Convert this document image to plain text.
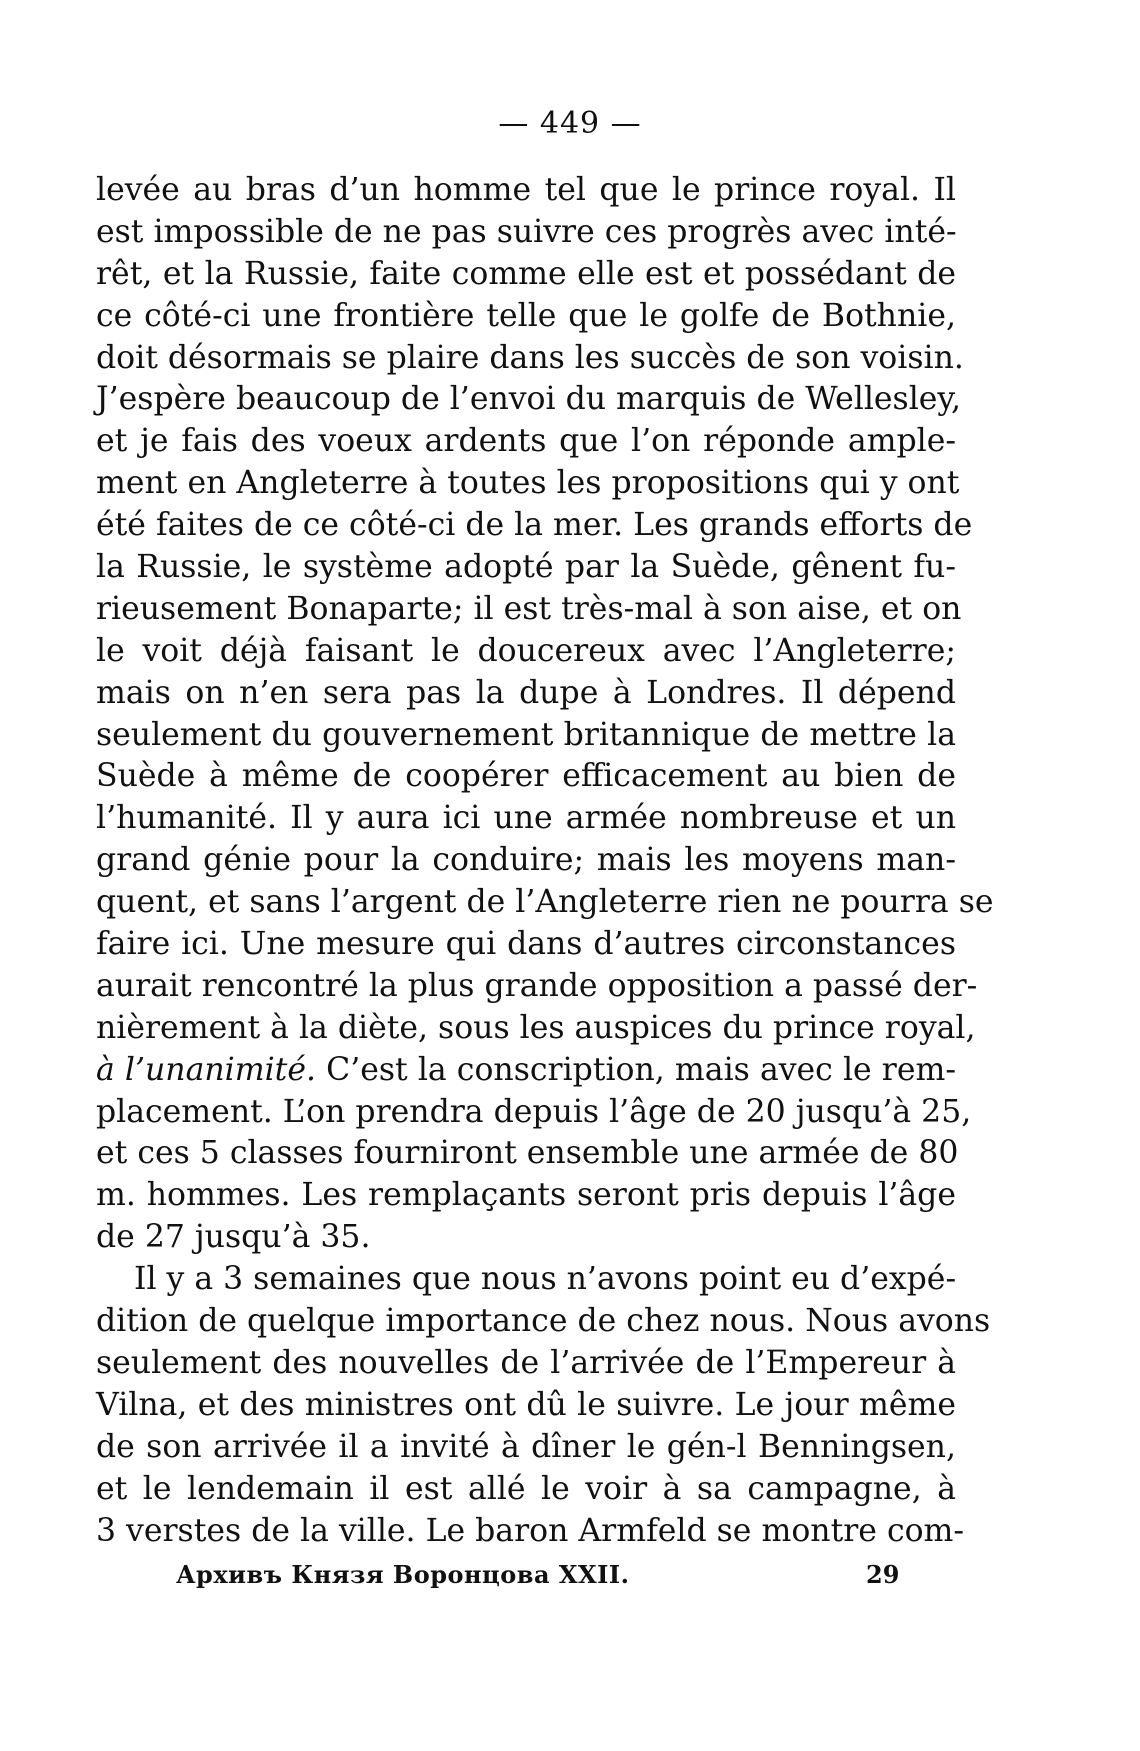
— 449 —
levée au bras d’un homme tel que le prince royal. Il
est impossible de ne pas suivre ces progrès avec inté-
rêt, et la Russie, faite comme elle est et possédant de
ce côté-ci une frontière telle que le golfe de Bothnie,
doit désormais se plaire dans les succès de son voisin.
J’espère beaucoup de l’envoi du marquis de Wellesley,
et je fais des voeux ardents que l’on réponde ample-
ment en Angleterre à toutes les propositions qui y ont
été faites de ce côté-ci de la mer. Les grands efforts de
la Russie, le système adopté par la Suède, gênent fu-
rieusement Bonaparte; il est très-mal à son aise, et on
le voit déjà faisant le doucereux avec l’Angleterre;
mais on n’en sera pas la dupe à Londres. Il dépend
seulement du gouvernement britannique de mettre la
Suède à même de coopérer efficacement au bien de
l’humanité. Il y aura ici une armée nombreuse et un
grand génie pour la conduire; mais les moyens man-
quent, et sans l’argent de l’Angleterre rien ne pourra se
faire ici. Une mesure qui dans d’autres circonstances
aurait rencontré la plus grande opposition a passé der-
nièrement à la diète, sous les auspices du prince royal,
à l’unanimité. C’est la conscription, mais avec le rem-
placement. L’on prendra depuis l’âge de 20 jusqu’à 25,
et ces 5 classes fourniront ensemble une armée de 80
m. hommes. Les remplaçants seront pris depuis l’âge
de 27 jusqu’à 35.
Il y a 3 semaines que nous n’avons point eu d’expé-
dition de quelque importance de chez nous. Nous avons
seulement des nouvelles de l’arrivée de l’Empereur à
Vilna, et des ministres ont dû le suivre. Le jour même
de son arrivée il a invité à dîner le gén-l Benningsen,
et le lendemain il est allé le voir à sa campagne, à
3 verstes de la ville. Le baron Armfeld se montre com-
Архивъ Князя Воронцова XXII.	29
